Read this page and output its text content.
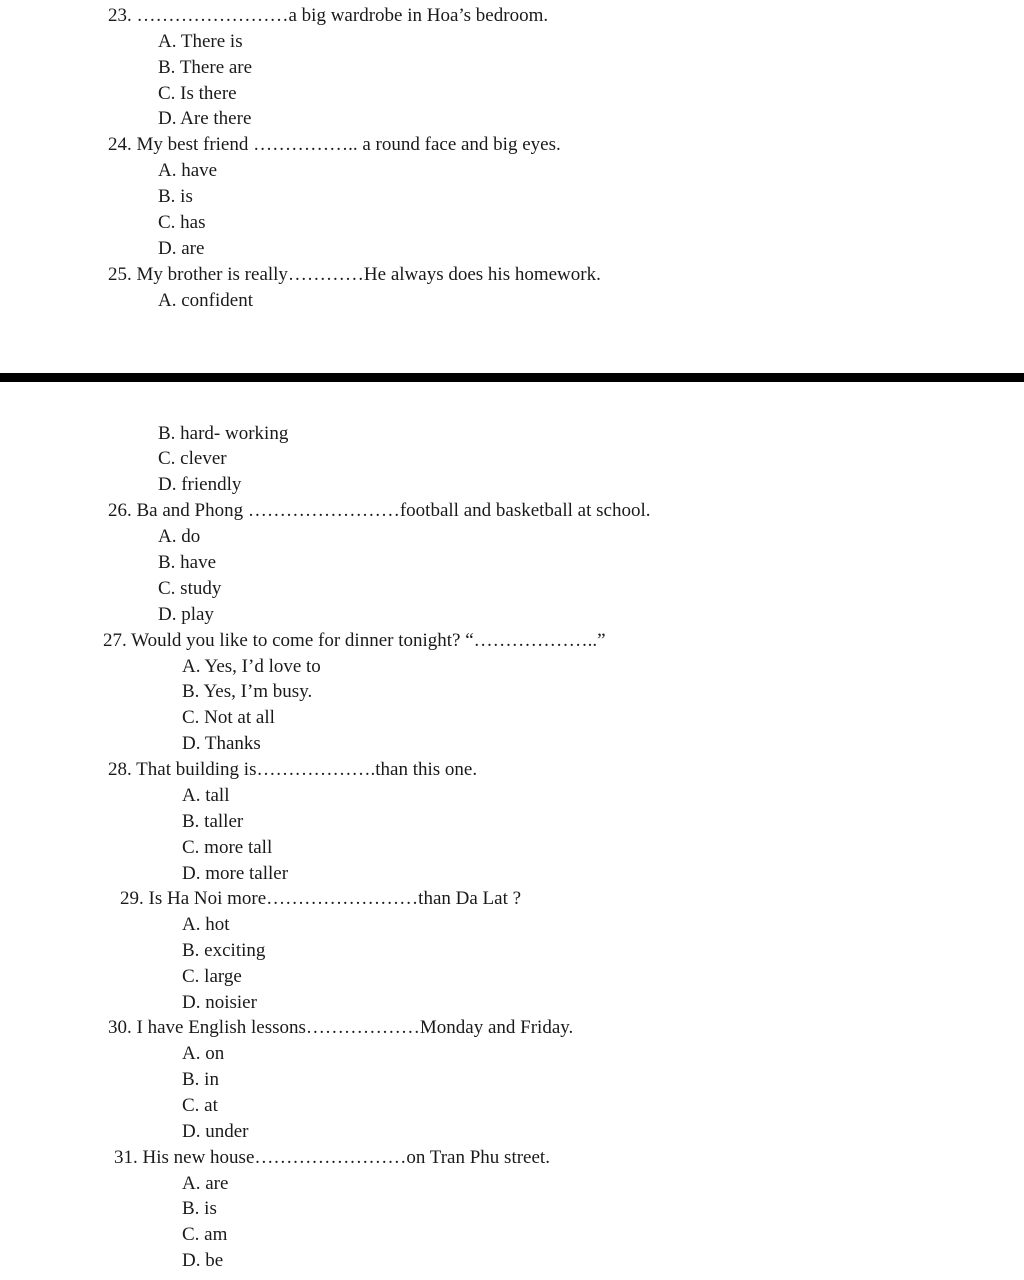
23. ……………………a big wardrobe in Hoa’s bedroom.
A. There is
B. There are
C. Is there
D. Are there
24. My best friend …………….. a round face and big eyes.
A. have
B. is
C. has
D. are
25. My brother is really…………He always does his homework.
A. confident
B. hard- working
C. clever
D. friendly
26. Ba and Phong ……………………football and basketball at school.
A. do
B. have
C. study
D. play
27. Would you like to come for dinner tonight? “………………..”
A. Yes, I’d love to
B. Yes, I’m busy.
C. Not at all
D. Thanks
28. That building is……………….than this one.
A. tall
B. taller
C. more tall
D. more taller
29. Is Ha Noi more……………………than Da Lat ?
A. hot
B. exciting
C. large
D. noisier
30. I have English lessons………………Monday and Friday.
A. on
B. in
C. at
D. under
31. His new house……………………on Tran Phu street.
A. are
B. is
C. am
D. be
